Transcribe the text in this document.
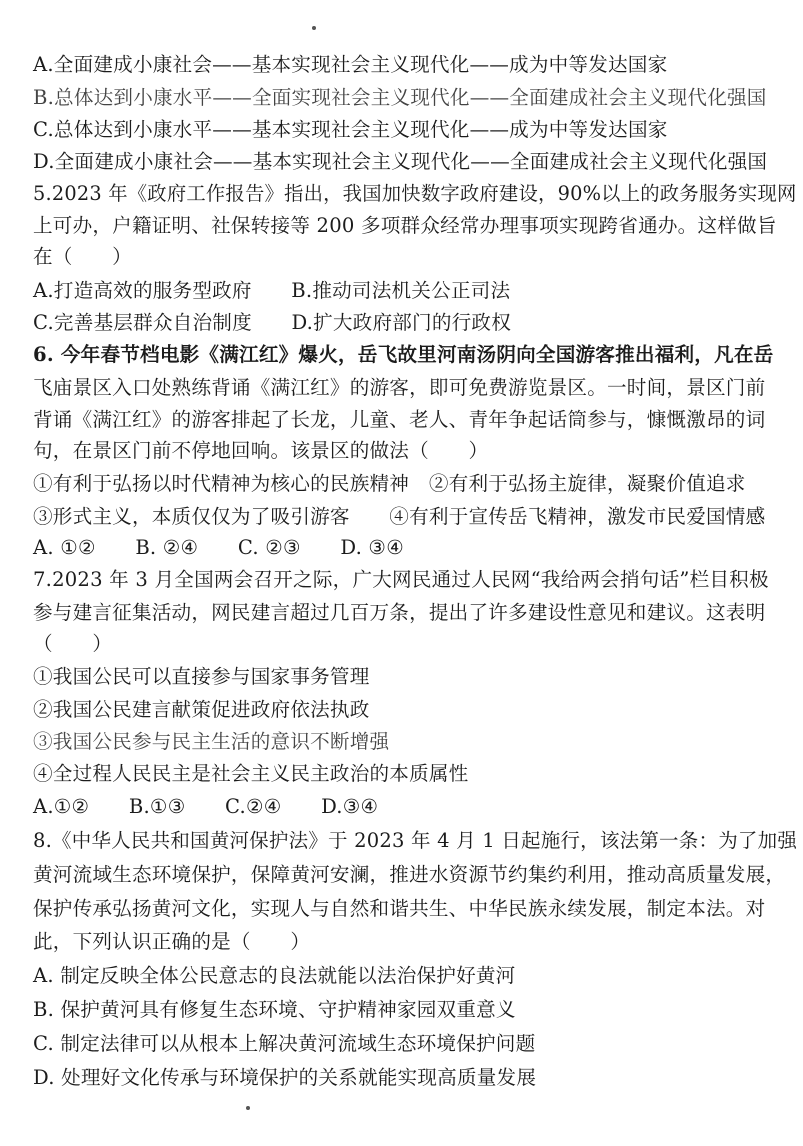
A.全面建成小康社会——基本实现社会主义现代化——成为中等发达国家
B.总体达到小康水平——全面实现社会主义现代化——全面建成社会主义现代化强国
C.总体达到小康水平——基本实现社会主义现代化——成为中等发达国家
D.全面建成小康社会——基本实现社会主义现代化——全面建成社会主义现代化强国
5.2023 年《政府工作报告》指出，我国加快数字政府建设，90%以上的政务服务实现网
上可办，户籍证明、社保转接等 200 多项群众经常办理事项实现跨省通办。这样做旨
在（　　）
A.打造高效的服务型政府　　B.推动司法机关公正司法
C.完善基层群众自治制度　　D.扩大政府部门的行政权
6. 今年春节档电影《满江红》爆火，岳飞故里河南汤阴向全国游客推出福利，凡在岳
飞庙景区入口处熟练背诵《满江红》的游客，即可免费游览景区。一时间，景区门前
背诵《满江红》的游客排起了长龙，儿童、老人、青年争起话筒参与，慷慨激昂的词
句，在景区门前不停地回响。该景区的做法（　　）
①有利于弘扬以时代精神为核心的民族精神　②有利于弘扬主旋律，凝聚价值追求
③形式主义，本质仅仅为了吸引游客　　④有利于宣传岳飞精神，激发市民爱国情感
A. ①②　　B. ②④　　C. ②③　　D. ③④
7.2023 年 3 月全国两会召开之际，广大网民通过人民网“我给两会捎句话”栏目积极
参与建言征集活动，网民建言超过几百万条，提出了许多建设性意见和建议。这表明
（　　）
①我国公民可以直接参与国家事务管理
②我国公民建言献策促进政府依法执政
③我国公民参与民主生活的意识不断增强
④全过程人民民主是社会主义民主政治的本质属性
A.①②　　B.①③　　C.②④　　D.③④
8.《中华人民共和国黄河保护法》于 2023 年 4 月 1 日起施行，该法第一条：为了加强
黄河流域生态环境保护，保障黄河安澜，推进水资源节约集约利用，推动高质量发展，
保护传承弘扬黄河文化，实现人与自然和谐共生、中华民族永续发展，制定本法。对
此，下列认识正确的是（　　）
A. 制定反映全体公民意志的良法就能以法治保护好黄河
B. 保护黄河具有修复生态环境、守护精神家园双重意义
C. 制定法律可以从根本上解决黄河流域生态环境保护问题
D. 处理好文化传承与环境保护的关系就能实现高质量发展
